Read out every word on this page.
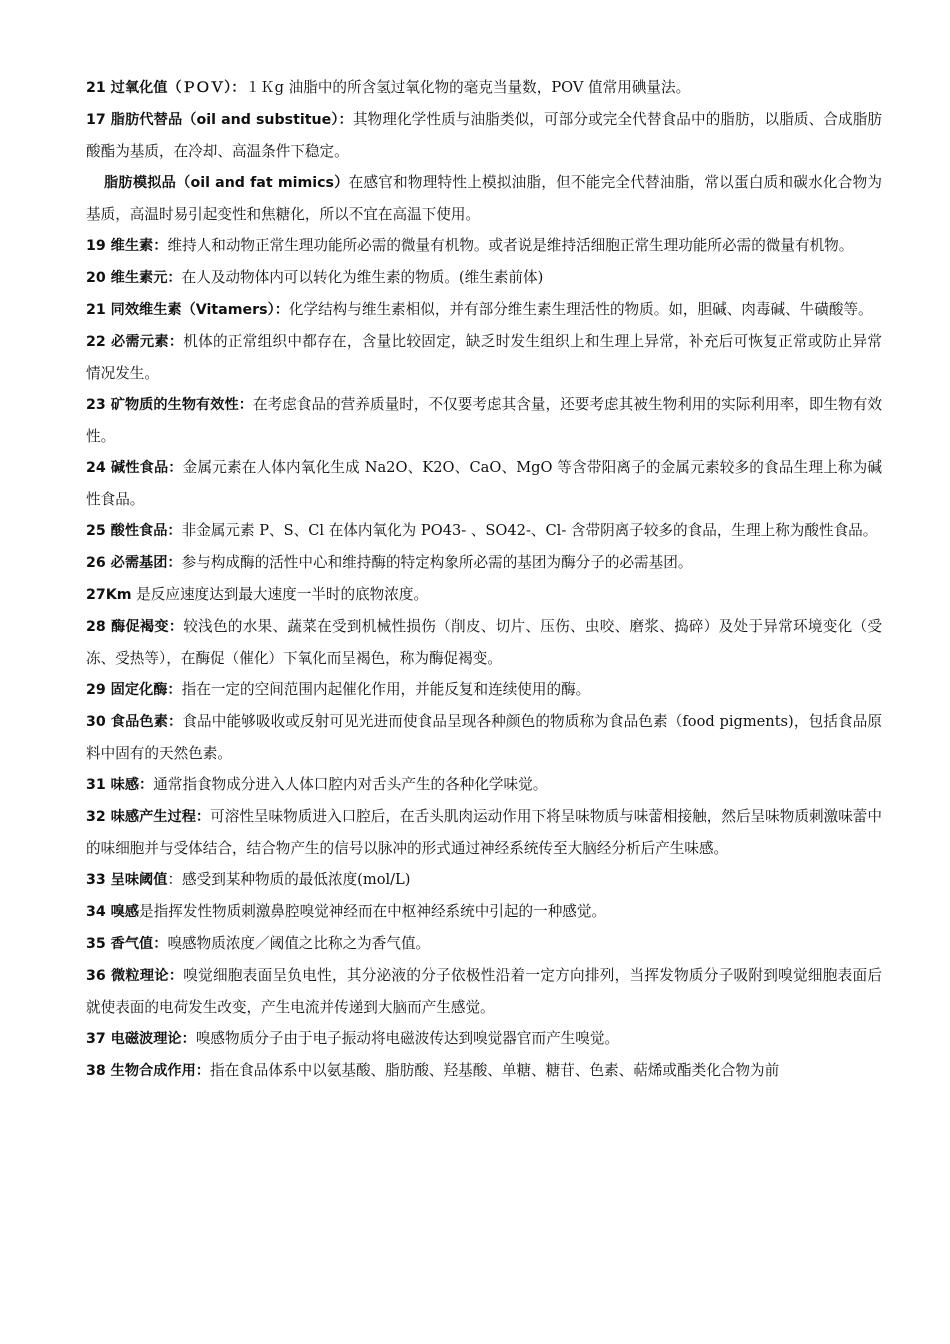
21 过氧化值（ＰＯＶ）：１Ｋg 油脂中的所含氢过氧化物的毫克当量数，POV 值常用碘量法。

17 脂肪代替品（oil and substitue）：其物理化学性质与油脂类似，可部分或完全代替食品中的脂肪，以脂质、合成脂肪酸酯为基质，在冷却、高温条件下稳定。

脂肪模拟品（oil and fat mimics）在感官和物理特性上模拟油脂，但不能完全代替油脂，常以蛋白质和碳水化合物为基质，高温时易引起变性和焦糖化，所以不宜在高温下使用。

19 维生素：维持人和动物正常生理功能所必需的微量有机物。或者说是维持活细胞正常生理功能所必需的微量有机物。

20 维生素元：在人及动物体内可以转化为维生素的物质。(维生素前体)

21 同效维生素（Vitamers）：化学结构与维生素相似，并有部分维生素生理活性的物质。如，胆碱、肉毒碱、牛磺酸等。

22 必需元素：机体的正常组织中都存在，含量比较固定，缺乏时发生组织上和生理上异常，补充后可恢复正常或防止异常情况发生。

23 矿物质的生物有效性：在考虑食品的营养质量时，不仅要考虑其含量，还要考虑其被生物利用的实际利用率，即生物有效性。

24 碱性食品：金属元素在人体内氧化生成 Na2O、K2O、CaO、MgO 等含带阳离子的金属元素较多的食品生理上称为碱性食品。

25 酸性食品：非金属元素 P、S、Cl 在体内氧化为 PO43- 、SO42-、Cl- 含带阴离子较多的食品，生理上称为酸性食品。

26 必需基团：参与构成酶的活性中心和维持酶的特定构象所必需的基团为酶分子的必需基团。

27Km 是反应速度达到最大速度一半时的底物浓度。

28 酶促褐变：较浅色的水果、蔬菜在受到机械性损伤（削皮、切片、压伤、虫咬、磨浆、捣碎）及处于异常环境变化（受冻、受热等），在酶促（催化）下氧化而呈褐色，称为酶促褐变。

29 固定化酶：指在一定的空间范围内起催化作用，并能反复和连续使用的酶。

30 食品色素：食品中能够吸收或反射可见光进而使食品呈现各种颜色的物质称为食品色素（food pigments)，包括食品原料中固有的天然色素。

31 味感：通常指食物成分进入人体口腔内对舌头产生的各种化学味觉。

32 味感产生过程：可溶性呈味物质进入口腔后，在舌头肌肉运动作用下将呈味物质与味蕾相接触，然后呈味物质刺激味蕾中的味细胞并与受体结合，结合物产生的信号以脉冲的形式通过神经系统传至大脑经分析后产生味感。

33 呈味阈值：感受到某种物质的最低浓度(mol/L)

34 嗅感是指挥发性物质刺激鼻腔嗅觉神经而在中枢神经系统中引起的一种感觉。

35 香气值：嗅感物质浓度／阈值之比称之为香气值。

36 微粒理论：嗅觉细胞表面呈负电性，其分泌液的分子依极性沿着一定方向排列，当挥发物质分子吸附到嗅觉细胞表面后就使表面的电荷发生改变，产生电流并传递到大脑而产生感觉。

37 电磁波理论：嗅感物质分子由于电子振动将电磁波传达到嗅觉器官而产生嗅觉。

38 生物合成作用：指在食品体系中以氨基酸、脂肪酸、羟基酸、单糖、糖苷、色素、萜烯或酯类化合物为前
